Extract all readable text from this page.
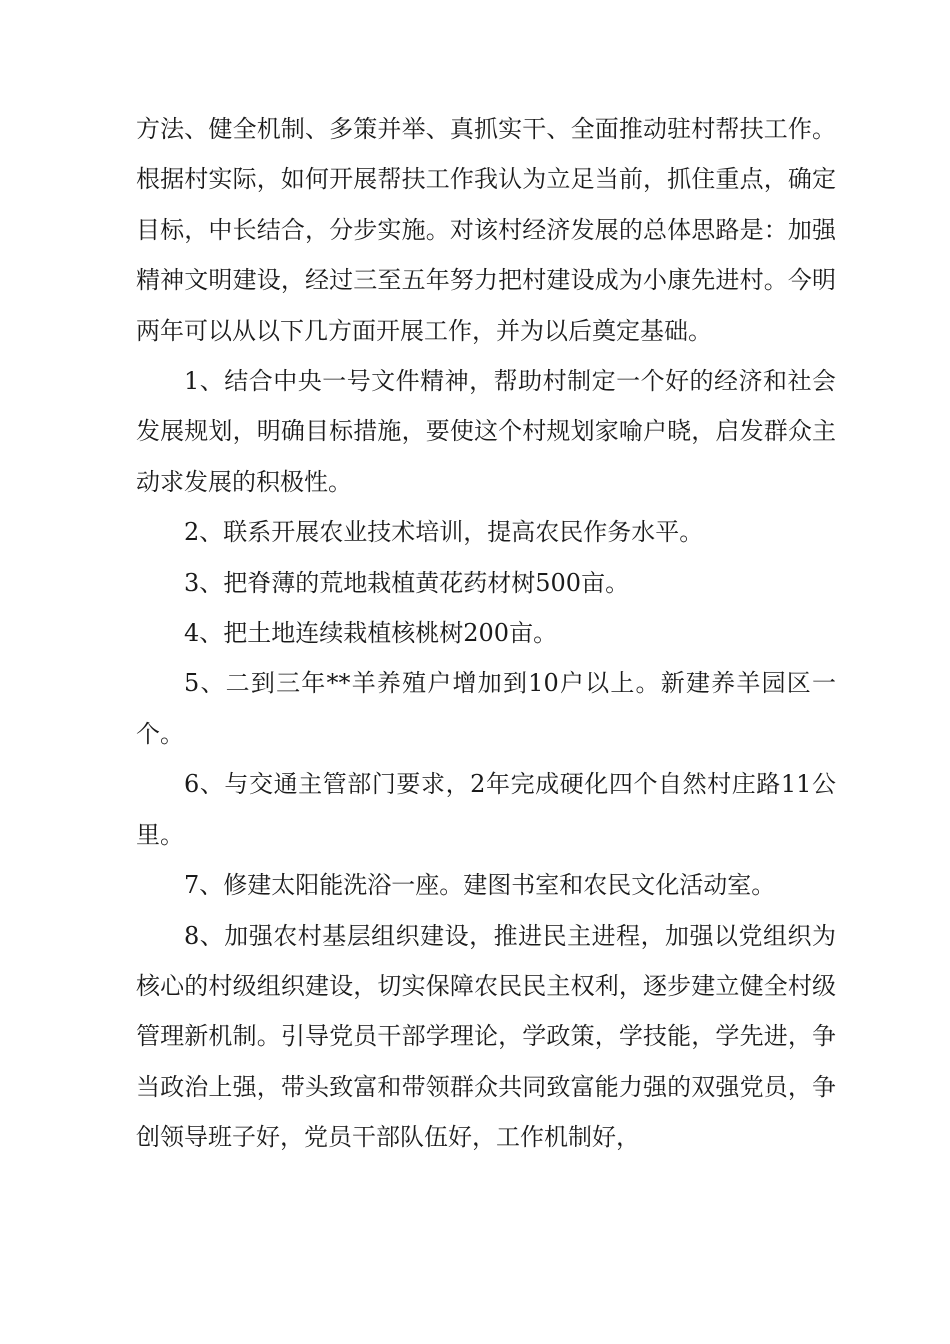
方法、健全机制、多策并举、真抓实干、全面推动驻村帮扶工作。根据村实际，如何开展帮扶工作我认为立足当前，抓住重点，确定目标，中长结合，分步实施。对该村经济发展的总体思路是：加强精神文明建设，经过三至五年努力把村建设成为小康先进村。今明两年可以从以下几方面开展工作，并为以后奠定基础。

1、结合中央一号文件精神，帮助村制定一个好的经济和社会发展规划，明确目标措施，要使这个村规划家喻户晓，启发群众主动求发展的积极性。

2、联系开展农业技术培训，提高农民作务水平。

3、把脊薄的荒地栽植黄花药材树500亩。

4、把土地连续栽植核桃树200亩。

5、二到三年**羊养殖户增加到10户以上。新建养羊园区一个。

6、与交通主管部门要求，2年完成硬化四个自然村庄路11公里。

7、修建太阳能洗浴一座。建图书室和农民文化活动室。

8、加强农村基层组织建设，推进民主进程，加强以党组织为核心的村级组织建设，切实保障农民民主权利，逐步建立健全村级管理新机制。引导党员干部学理论，学政策，学技能，学先进，争当政治上强，带头致富和带领群众共同致富能力强的双强党员，争创领导班子好，党员干部队伍好，工作机制好，
